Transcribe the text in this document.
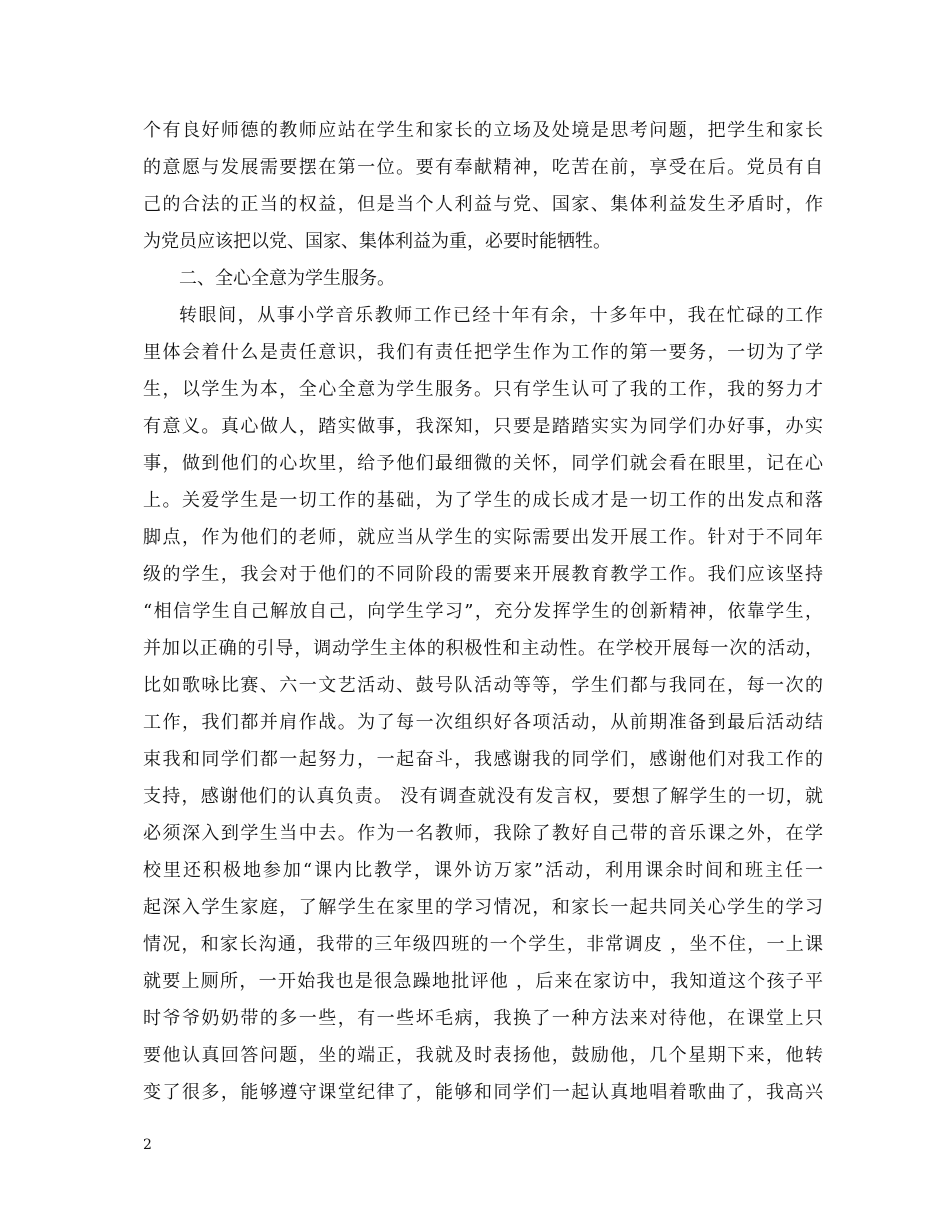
个有良好师德的教师应站在学生和家长的立场及处境是思考问题，把学生和家长
的意愿与发展需要摆在第一位。要有奉献精神，吃苦在前，享受在后。党员有自
己的合法的正当的权益，但是当个人利益与党、国家、集体利益发生矛盾时，作
为党员应该把以党、国家、集体利益为重，必要时能牺牲。
二、全心全意为学生服务。
转眼间，从事小学音乐教师工作已经十年有余，十多年中，我在忙碌的工作
里体会着什么是责任意识，我们有责任把学生作为工作的第一要务，一切为了学
生，以学生为本，全心全意为学生服务。只有学生认可了我的工作，我的努力才
有意义。真心做人，踏实做事，我深知，只要是踏踏实实为同学们办好事，办实
事，做到他们的心坎里，给予他们最细微的关怀，同学们就会看在眼里，记在心
上。关爱学生是一切工作的基础，为了学生的成长成才是一切工作的出发点和落
脚点，作为他们的老师，就应当从学生的实际需要出发开展工作。针对于不同年
级的学生，我会对于他们的不同阶段的需要来开展教育教学工作。我们应该坚持
“相信学生自己解放自己，向学生学习”，充分发挥学生的创新精神，依靠学生，
并加以正确的引导，调动学生主体的积极性和主动性。在学校开展每一次的活动，
比如歌咏比赛、六一文艺活动、鼓号队活动等等，学生们都与我同在，每一次的
工作，我们都并肩作战。为了每一次组织好各项活动，从前期准备到最后活动结
束我和同学们都一起努力，一起奋斗，我感谢我的同学们，感谢他们对我工作的
支持，感谢他们的认真负责。 没有调查就没有发言权，要想了解学生的一切，就
必须深入到学生当中去。作为一名教师，我除了教好自己带的音乐课之外，在学
校里还积极地参加“课内比教学，课外访万家”活动，利用课余时间和班主任一
起深入学生家庭，了解学生在家里的学习情况，和家长一起共同关心学生的学习
情况，和家长沟通，我带的三年级四班的一个学生，非常调皮 ，坐不住，一上课
就要上厕所，一开始我也是很急躁地批评他 ，后来在家访中，我知道这个孩子平
时爷爷奶奶带的多一些，有一些坏毛病，我换了一种方法来对待他，在课堂上只
要他认真回答问题，坐的端正，我就及时表扬他，鼓励他，几个星期下来，他转
变了很多，能够遵守课堂纪律了，能够和同学们一起认真地唱着歌曲了，我高兴
2
